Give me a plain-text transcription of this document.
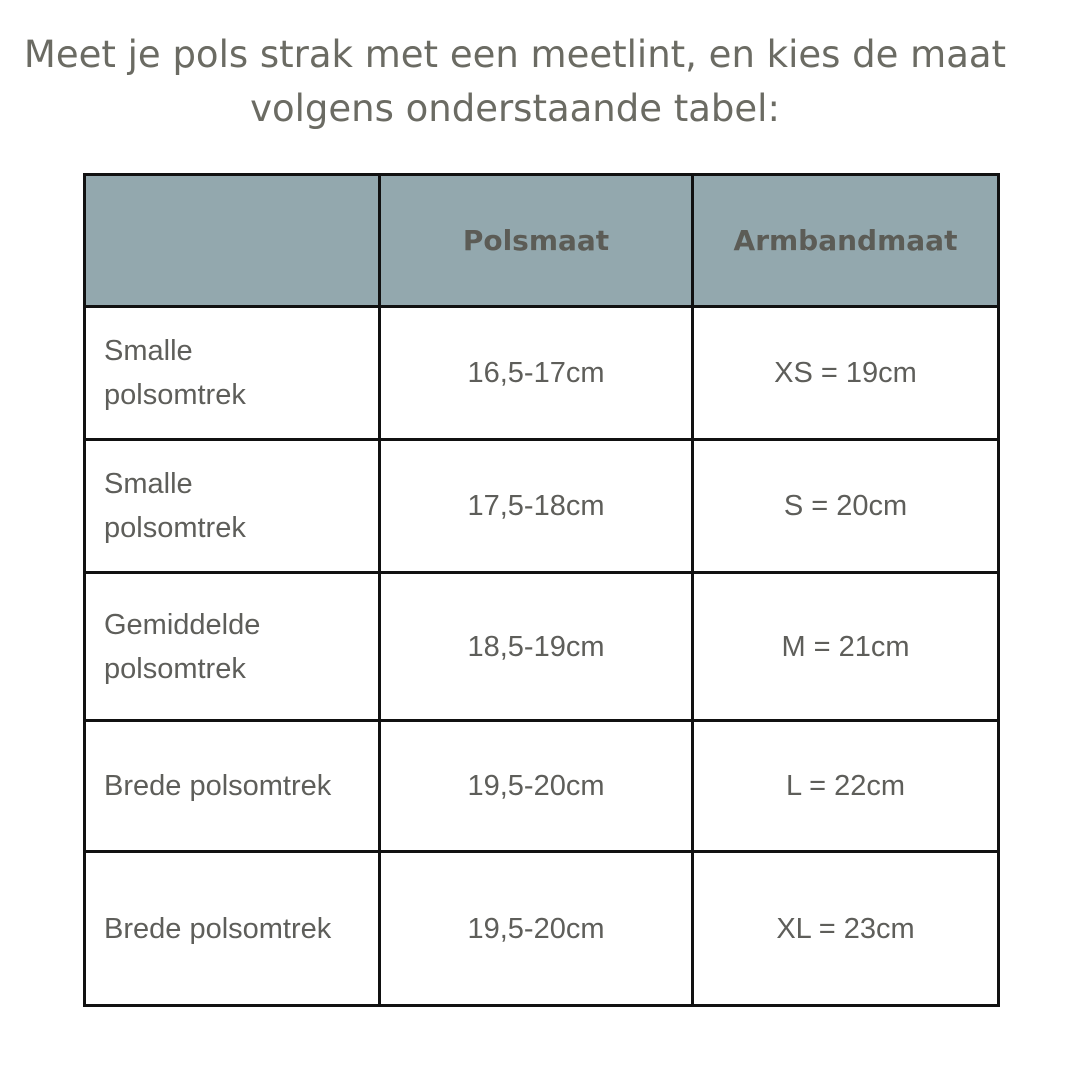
Meet je pols strak met een meetlint, en kies de maat
volgens onderstaande tabel:

	Polsmaat	Armbandmaat

Smalle polsomtrek	16,5-17cm	XS = 19cm

Smalle polsomtrek	17,5-18cm	S = 20cm

Gemiddelde polsomtrek	18,5-19cm	M = 21cm

Brede polsomtrek	19,5-20cm	L = 22cm

Brede polsomtrek	19,5-20cm	XL = 23cm
